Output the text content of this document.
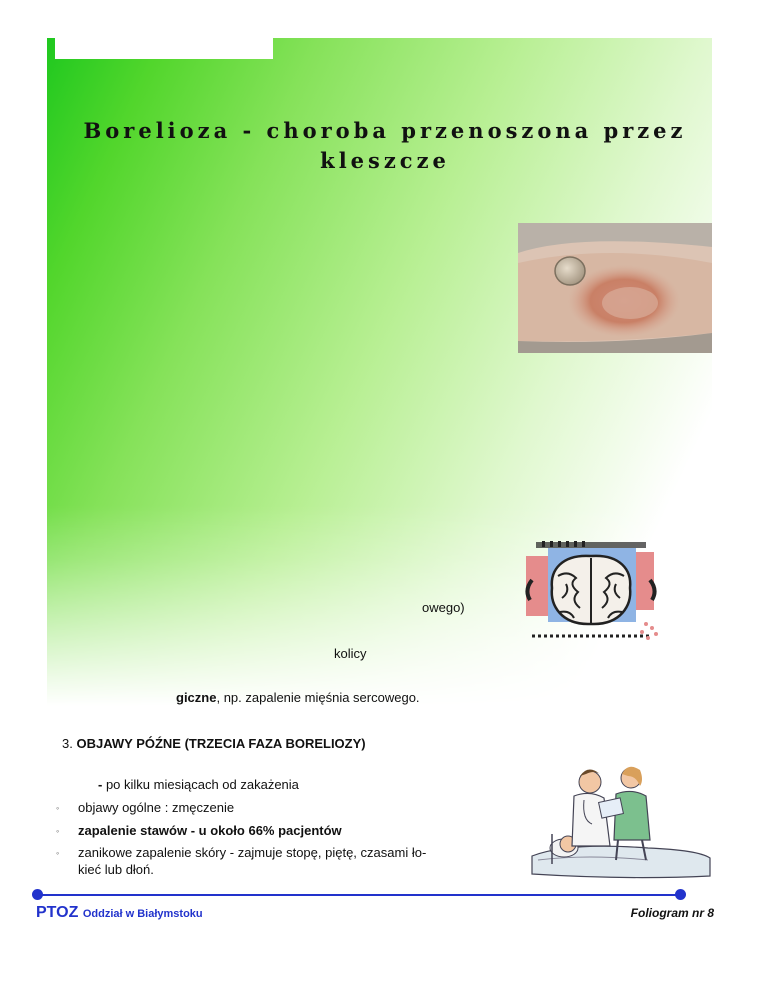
Borelioza - choroba przenoszona przez kleszcze
owego)
kolicy
giczne, np. zapalenie mięśnia sercowego.
3. OBJAWY PÓŹNE (TRZECIA FAZA BORELIOZY)
- po kilku miesiącach od zakażenia
◦ objawy ogólne : zmęczenie
◦ zapalenie stawów - u około 66% pacjentów
◦ zanikowe zapalenie skóry - zajmuje stopę, piętę, czasami ło-
kieć lub dłoń.
PTOZ Oddział w Białymstoku	Foliogram nr 8
